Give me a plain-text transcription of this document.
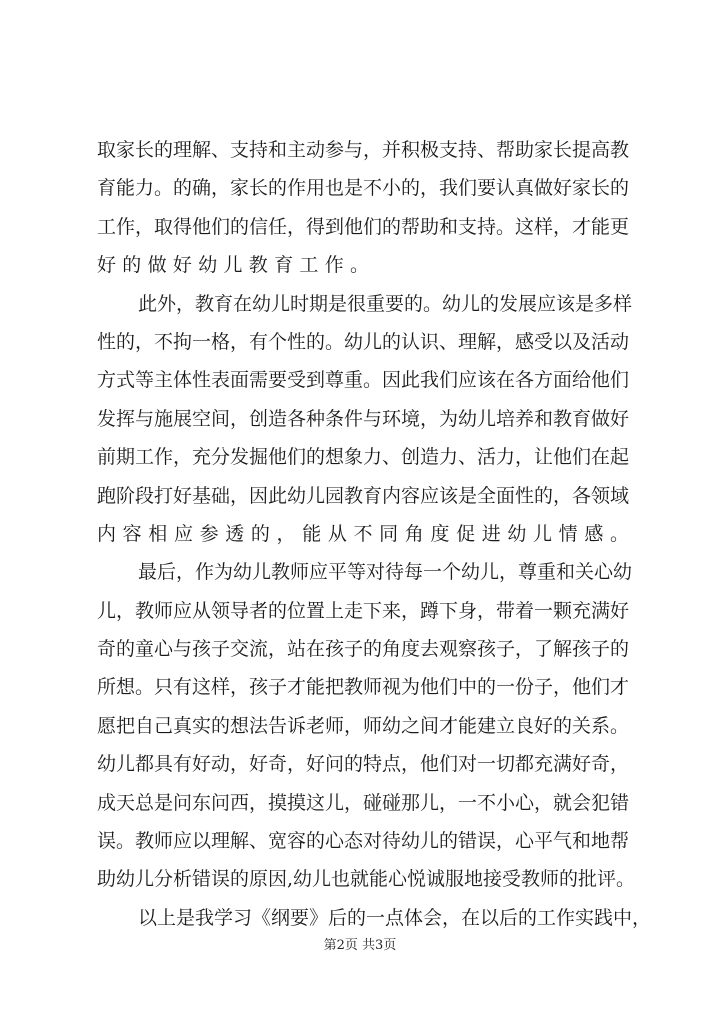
取家长的理解、支持和主动参与，并积极支持、帮助家长提高教
育能力。的确，家长的作用也是不小的，我们要认真做好家长的
工作，取得他们的信任，得到他们的帮助和支持。这样，才能更
好的做好幼儿教育工作。
此外，教育在幼儿时期是很重要的。幼儿的发展应该是多样
性的，不拘一格，有个性的。幼儿的认识、理解，感受以及活动
方式等主体性表面需要受到尊重。因此我们应该在各方面给他们
发挥与施展空间，创造各种条件与环境，为幼儿培养和教育做好
前期工作，充分发掘他们的想象力、创造力、活力，让他们在起
跑阶段打好基础，因此幼儿园教育内容应该是全面性的，各领域
内容相应参透的，能从不同角度促进幼儿情感。
最后，作为幼儿教师应平等对待每一个幼儿，尊重和关心幼
儿，教师应从领导者的位置上走下来，蹲下身，带着一颗充满好
奇的童心与孩子交流，站在孩子的角度去观察孩子，了解孩子的
所想。只有这样，孩子才能把教师视为他们中的一份子，他们才
愿把自己真实的想法告诉老师，师幼之间才能建立良好的关系。
幼儿都具有好动，好奇，好问的特点，他们对一切都充满好奇，
成天总是问东问西，摸摸这儿，碰碰那儿，一不小心，就会犯错
误。教师应以理解、宽容的心态对待幼儿的错误，心平气和地帮
助幼儿分析错误的原因,幼儿也就能心悦诚服地接受教师的批评。
以上是我学习《纲要》后的一点体会，在以后的工作实践中，
第2页 共3页
